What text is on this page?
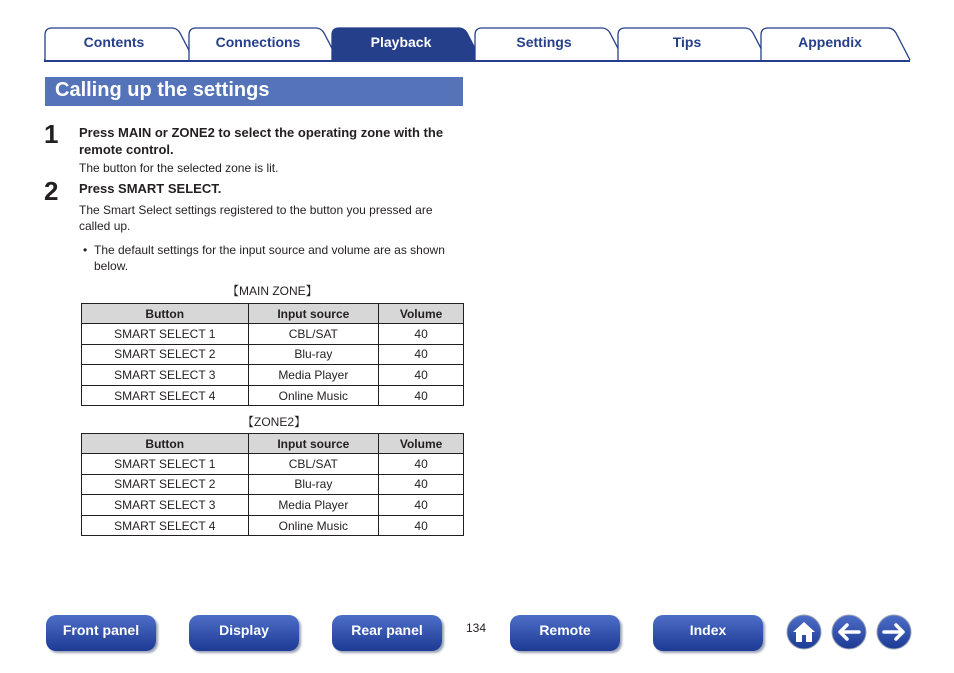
Contents	Connections	Playback	Settings	Tips	Appendix
Calling up the settings
1 Press MAIN or ZONE2 to select the operating zone with the remote control.
The button for the selected zone is lit.
2 Press SMART SELECT.
The Smart Select settings registered to the button you pressed are called up.
• The default settings for the input source and volume are as shown below.
【MAIN ZONE】
Button	Input source	Volume
SMART SELECT 1	CBL/SAT	40
SMART SELECT 2	Blu-ray	40
SMART SELECT 3	Media Player	40
SMART SELECT 4	Online Music	40
【ZONE2】
Button	Input source	Volume
SMART SELECT 1	CBL/SAT	40
SMART SELECT 2	Blu-ray	40
SMART SELECT 3	Media Player	40
SMART SELECT 4	Online Music	40
Front panel	Display	Rear panel	134	Remote	Index
